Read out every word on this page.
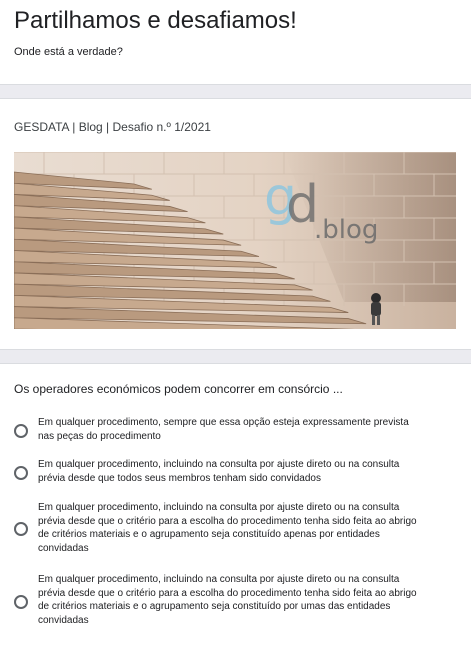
Partilhamos e desafiamos!
Onde está a verdade?
GESDATA | Blog | Desafio n.º 1/2021
g
d
.blog
Os operadores económicos podem concorrer em consórcio ...
Em qualquer procedimento, sempre que essa opção esteja expressamente prevista
nas peças do procedimento
Em qualquer procedimento, incluindo na consulta por ajuste direto ou na consulta
prévia desde que todos seus membros tenham sido convidados
Em qualquer procedimento, incluindo na consulta por ajuste direto ou na consulta
prévia desde que o critério para a escolha do procedimento tenha sido feita ao abrigo
de critérios materiais e o agrupamento seja constituído apenas por entidades
convidadas
Em qualquer procedimento, incluindo na consulta por ajuste direto ou na consulta
prévia desde que o critério para a escolha do procedimento tenha sido feita ao abrigo
de critérios materiais e o agrupamento seja constituído por umas das entidades
convidadas
